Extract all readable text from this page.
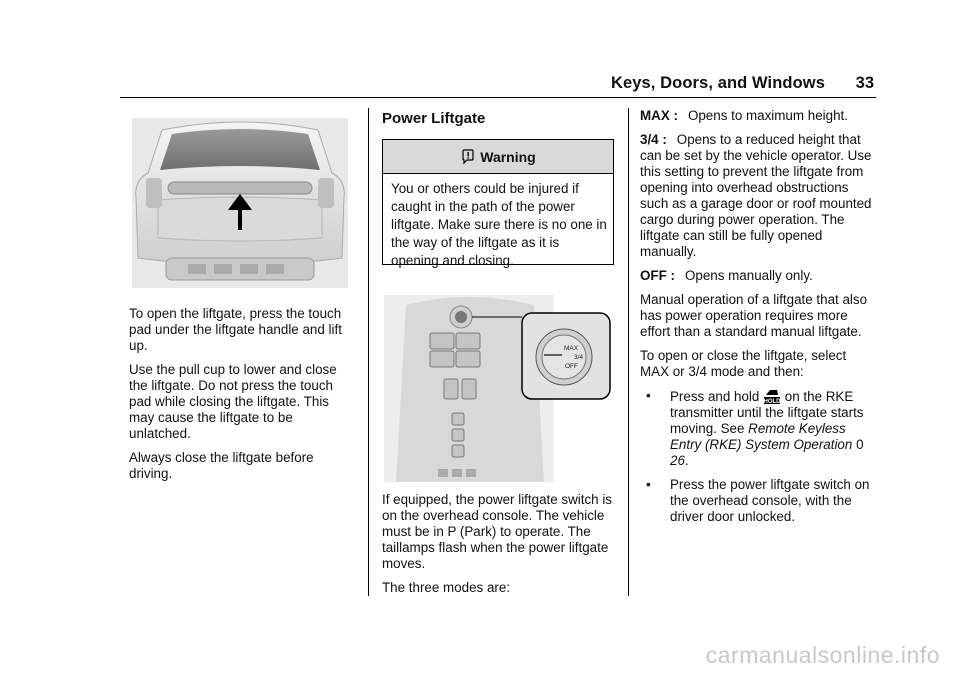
Keys, Doors, and Windows 33

To open the liftgate, press the touch pad under the liftgate handle and lift up.

Use the pull cup to lower and close the liftgate. Do not press the touch pad while closing the liftgate. This may cause the liftgate to be unlatched.

Always close the liftgate before driving.

Power Liftgate
Warning
You or others could be injured if caught in the path of the power liftgate. Make sure there is no one in the way of the liftgate as it is opening and closing.
MAX
3/4
OFF

If equipped, the power liftgate switch is on the overhead console. The vehicle must be in P (Park) to operate. The taillamps flash when the power liftgate moves.

The three modes are:

MAX : Opens to maximum height.

3/4 : Opens to a reduced height that can be set by the vehicle operator. Use this setting to prevent the liftgate from opening into overhead obstructions such as a garage door or roof mounted cargo during power operation. The liftgate can still be fully opened manually.

OFF : Opens manually only.

Manual operation of a liftgate that also has power operation requires more effort than a standard manual liftgate.

To open or close the liftgate, select MAX or 3/4 mode and then:

•	Press and hold HOLD on the RKE transmitter until the liftgate starts moving. See Remote Keyless Entry (RKE) System Operation 0 26.
•	Press the power liftgate switch on the overhead console, with the driver door unlocked.
carmanualsonline.info
